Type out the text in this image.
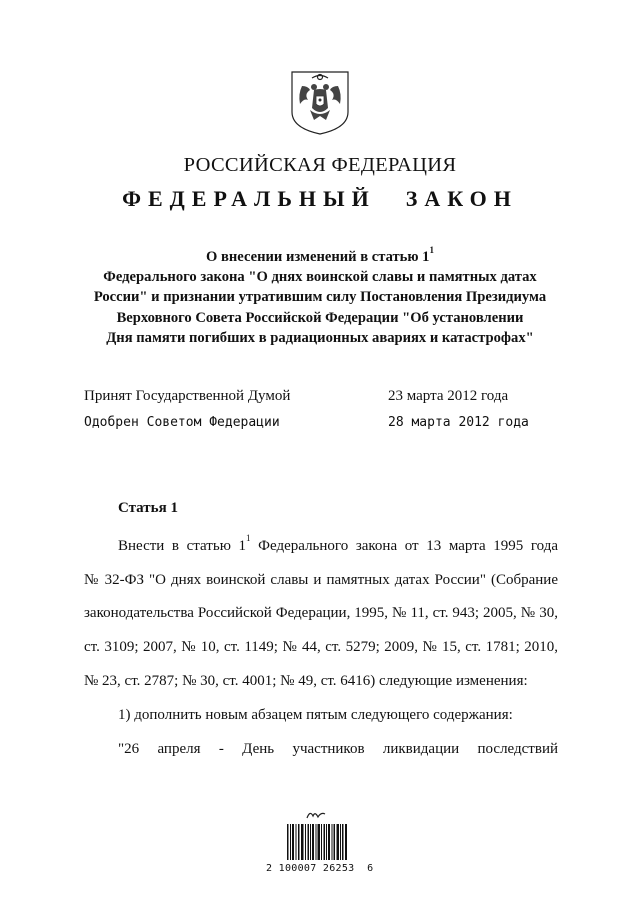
РОССИЙСКАЯ ФЕДЕРАЦИЯ
ФЕДЕРАЛЬНЫЙ ЗАКОН
О внесении изменений в статью $1^1$
Федерального закона "О днях воинской славы и памятных датах
России" и признании утратившим силу Постановления Президиума
Верховного Совета Российской Федерации "Об установлении
Дня памяти погибших в радиационных авариях и катастрофах"
Принят Государственной Думой	23 марта 2012 года
Одобрен Советом Федерации	28 марта 2012 года
Статья 1
Внести в статью $1^1$ Федерального закона от 13 марта 1995 года
№ 32-ФЗ "О днях воинской славы и памятных датах России" (Собрание
законодательства Российской Федерации, 1995, № 11, ст. 943; 2005, № 30,
ст. 3109; 2007, № 10, ст. 1149; № 44, ст. 5279; 2009, № 15, ст. 1781; 2010,
№ 23, ст. 2787; № 30, ст. 4001; № 49, ст. 6416) следующие изменения:
1) дополнить новым абзацем пятым следующего содержания:
"26 апреля - День участников ликвидации последствий
2 100007 26253  6
